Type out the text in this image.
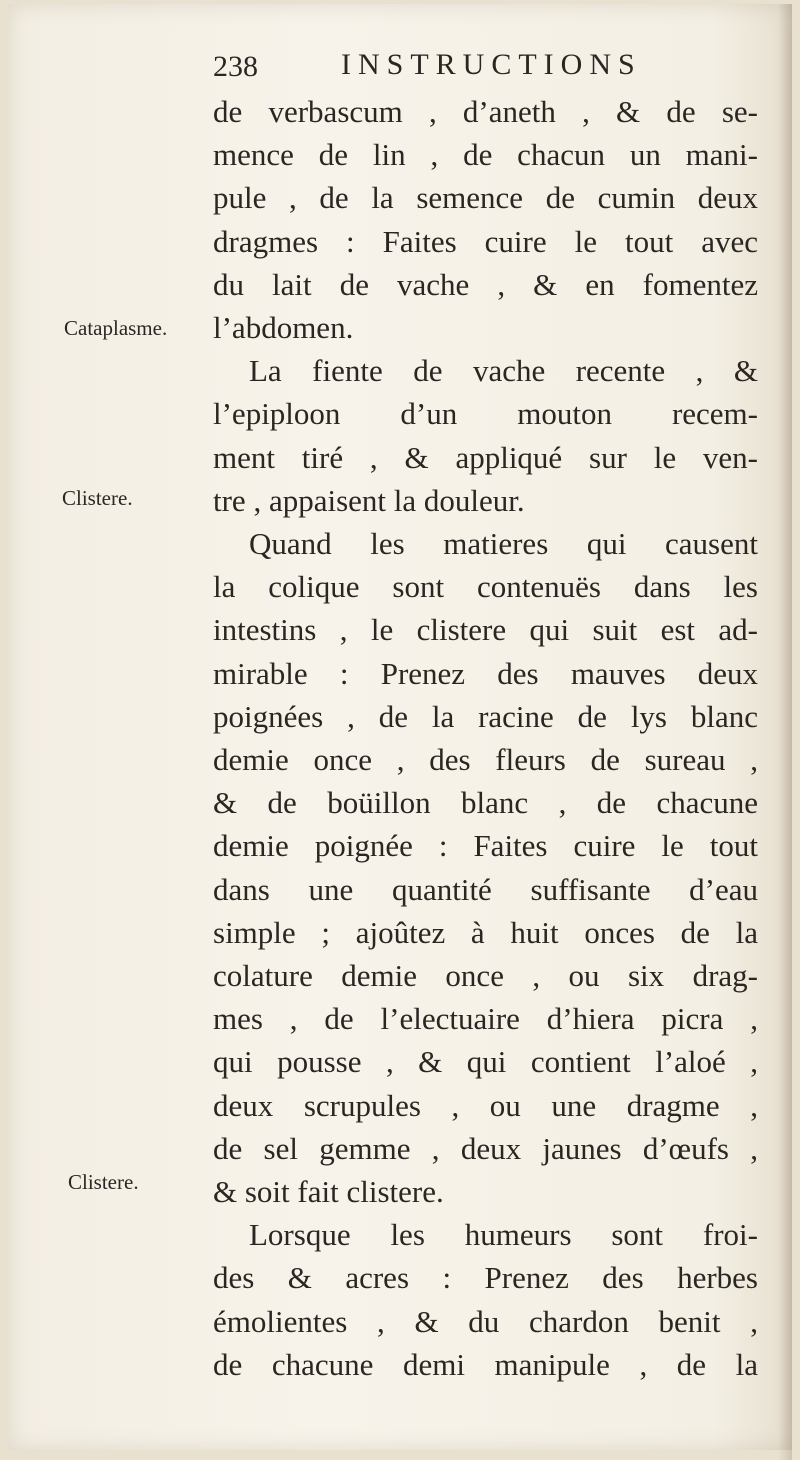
238	INSTRUCTIONS
Cataplasme.
Clistere.
Clistere.
de verbascum , d’aneth , & de se-
mence de lin , de chacun un mani-
pule , de la semence de cumin deux
dragmes : Faites cuire le tout avec
du lait de vache , & en fomentez
l’abdomen.
La fiente de vache recente , &
l’epiploon d’un mouton recem-
ment tiré , & appliqué sur le ven-
tre , appaisent la douleur.
Quand les matieres qui causent
la colique sont contenuës dans les
intestins , le clistere qui suit est ad-
mirable : Prenez des mauves deux
poignées , de la racine de lys blanc
demie once , des fleurs de sureau ,
& de boüillon blanc , de chacune
demie poignée : Faites cuire le tout
dans une quantité suffisante d’eau
simple ; ajoûtez à huit onces de la
colature demie once , ou six drag-
mes , de l’electuaire d’hiera picra ,
qui pousse , & qui contient l’aloé ,
deux scrupules , ou une dragme ,
de sel gemme , deux jaunes d’œufs ,
& soit fait clistere.
Lorsque les humeurs sont froi-
des & acres : Prenez des herbes
émolientes , & du chardon benit ,
de chacune demi manipule , de la
